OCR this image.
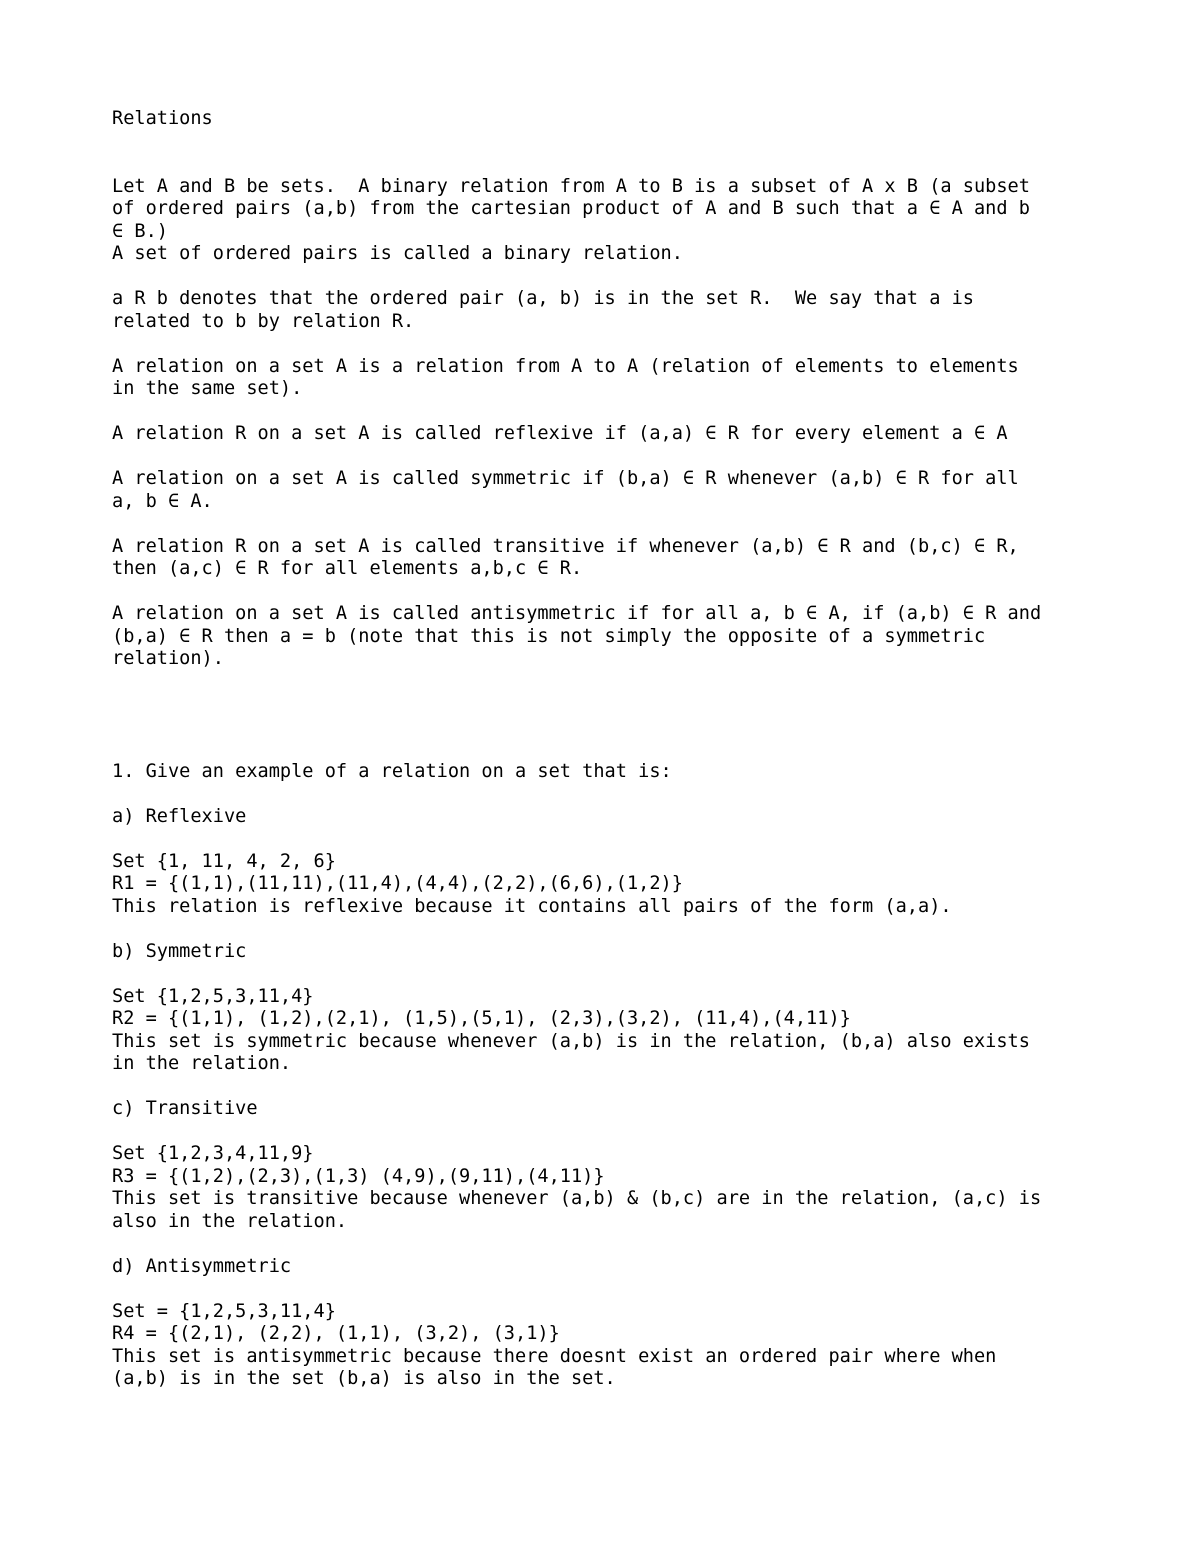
Relations
Let A and B be sets.  A binary relation from A to B is a subset of A x B (a subset
of ordered pairs (a,b) from the cartesian product of A and B such that a ∈ A and b
∈ B.)
A set of ordered pairs is called a binary relation.
a R b denotes that the ordered pair (a, b) is in the set R.  We say that a is
related to b by relation R.
A relation on a set A is a relation from A to A (relation of elements to elements
in the same set).
A relation R on a set A is called reflexive if (a,a) ∈ R for every element a ∈ A
A relation on a set A is called symmetric if (b,a) ∈ R whenever (a,b) ∈ R for all
a, b ∈ A.
A relation R on a set A is called transitive if whenever (a,b) ∈ R and (b,c) ∈ R,
then (a,c) ∈ R for all elements a,b,c ∈ R.
A relation on a set A is called antisymmetric if for all a, b ∈ A, if (a,b) ∈ R and
(b,a) ∈ R then a = b (note that this is not simply the opposite of a symmetric
relation).
1. Give an example of a relation on a set that is:
a) Reflexive
Set {1, 11, 4, 2, 6}
R1 = {(1,1),(11,11),(11,4),(4,4),(2,2),(6,6),(1,2)}
This relation is reflexive because it contains all pairs of the form (a,a).
b) Symmetric
Set {1,2,5,3,11,4}
R2 = {(1,1), (1,2),(2,1), (1,5),(5,1), (2,3),(3,2), (11,4),(4,11)}
This set is symmetric because whenever (a,b) is in the relation, (b,a) also exists
in the relation.
c) Transitive
Set {1,2,3,4,11,9}
R3 = {(1,2),(2,3),(1,3) (4,9),(9,11),(4,11)}
This set is transitive because whenever (a,b) & (b,c) are in the relation, (a,c) is
also in the relation.
d) Antisymmetric
Set = {1,2,5,3,11,4}
R4 = {(2,1), (2,2), (1,1), (3,2), (3,1)}
This set is antisymmetric because there doesnt exist an ordered pair where when
(a,b) is in the set (b,a) is also in the set.
